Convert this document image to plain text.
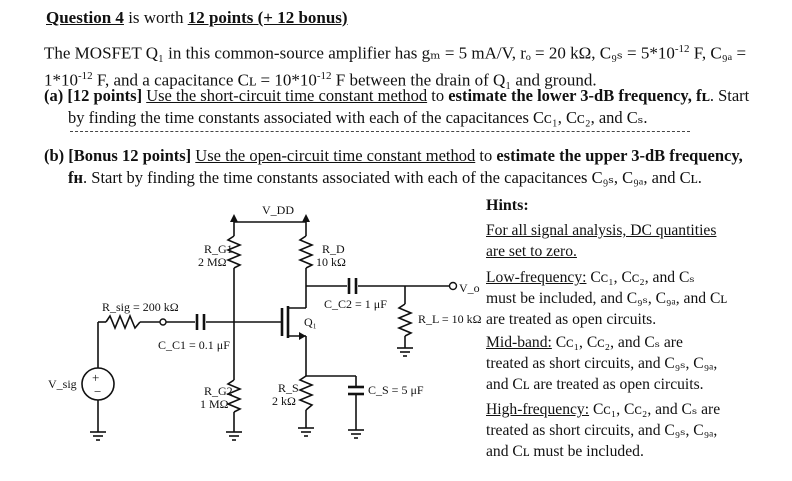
Question 4 is worth 12 points (+ 12 bonus)
The MOSFET Q₁ in this common-source amplifier has gₘ = 5 mA/V, rₒ = 20 kΩ, $C_{9s} = 5*10^{-12}$ F, C₉ₐ =
$1*10^{-12}$ F, and a capacitance Cʟ = $10*10^{-12}$ F between the drain of Q₁ and ground.
(a) [12 points] Use the short-circuit time constant method to estimate the lower 3-dB frequency, fʟ. Start
by finding the time constants associated with each of the capacitances Cᴄ₁, Cᴄ₂, and Cₛ.
(b) [Bonus 12 points] Use the open-circuit time constant method to estimate the upper 3-dB frequency,
fʜ. Start by finding the time constants associated with each of the capacitances C₉ₛ, C₉ₐ, and Cʟ.
V_DD
R_G1
2 MΩ
R_D
10 kΩ
V_o
C_C2 = 1 μF
R_L = 10 kΩ
Q₁
R_sig = 200 kΩ
C_C1 = 0.1 μF
+
−
V_sig	R_G2
1 MΩ
R_S
2 kΩ
C_S = 5 μF
Hints:
For all signal analysis, DC quantities
are set to zero.
Low-frequency: Cᴄ₁, Cᴄ₂, and Cₛ
must be included, and C₉ₛ, C₉ₐ, and Cʟ
are treated as open circuits.
Mid-band: Cᴄ₁, Cᴄ₂, and Cₛ are
treated as short circuits, and C₉ₛ, C₉ₐ,
and Cʟ are treated as open circuits.
High-frequency: Cᴄ₁, Cᴄ₂, and Cₛ are
treated as short circuits, and C₉ₛ, C₉ₐ,
and Cʟ must be included.
